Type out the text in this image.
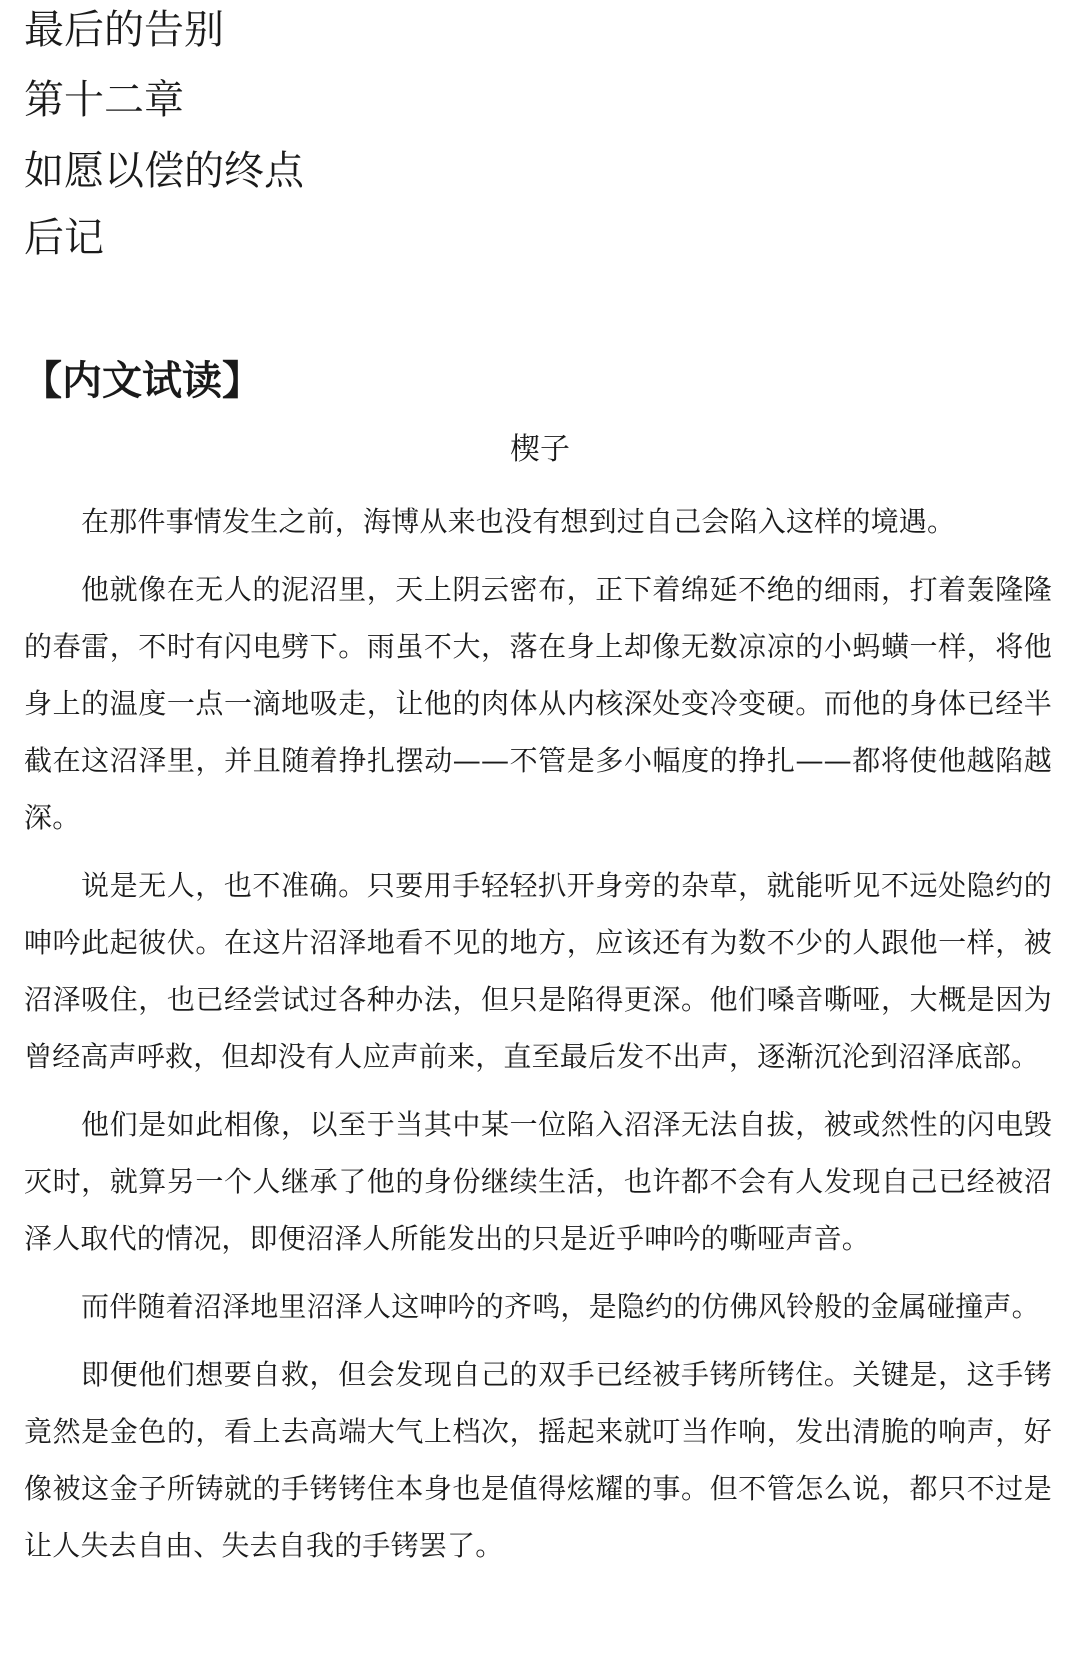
最后的告别
第十二章
如愿以偿的终点
后记
【内文试读】
楔子

在那件事情发生之前，海博从来也没有想到过自己会陷入这样的境遇。

他就像在无人的泥沼里，天上阴云密布，正下着绵延不绝的细雨，打着轰隆隆的春雷，不时有闪电劈下。雨虽不大，落在身上却像无数凉凉的小蚂蟥一样，将他身上的温度一点一滴地吸走，让他的肉体从内核深处变冷变硬。而他的身体已经半截在这沼泽里，并且随着挣扎摆动——不管是多小幅度的挣扎——都将使他越陷越深。

说是无人，也不准确。只要用手轻轻扒开身旁的杂草，就能听见不远处隐约的呻吟此起彼伏。在这片沼泽地看不见的地方，应该还有为数不少的人跟他一样，被沼泽吸住，也已经尝试过各种办法，但只是陷得更深。他们嗓音嘶哑，大概是因为曾经高声呼救，但却没有人应声前来，直至最后发不出声，逐渐沉沦到沼泽底部。

他们是如此相像，以至于当其中某一位陷入沼泽无法自拔，被或然性的闪电毁灭时，就算另一个人继承了他的身份继续生活，也许都不会有人发现自己已经被沼泽人取代的情况，即便沼泽人所能发出的只是近乎呻吟的嘶哑声音。

而伴随着沼泽地里沼泽人这呻吟的齐鸣，是隐约的仿佛风铃般的金属碰撞声。

即便他们想要自救，但会发现自己的双手已经被手铐所铐住。关键是，这手铐竟然是金色的，看上去高端大气上档次，摇起来就叮当作响，发出清脆的响声，好像被这金子所铸就的手铐铐住本身也是值得炫耀的事。但不管怎么说，都只不过是让人失去自由、失去自我的手铐罢了。
